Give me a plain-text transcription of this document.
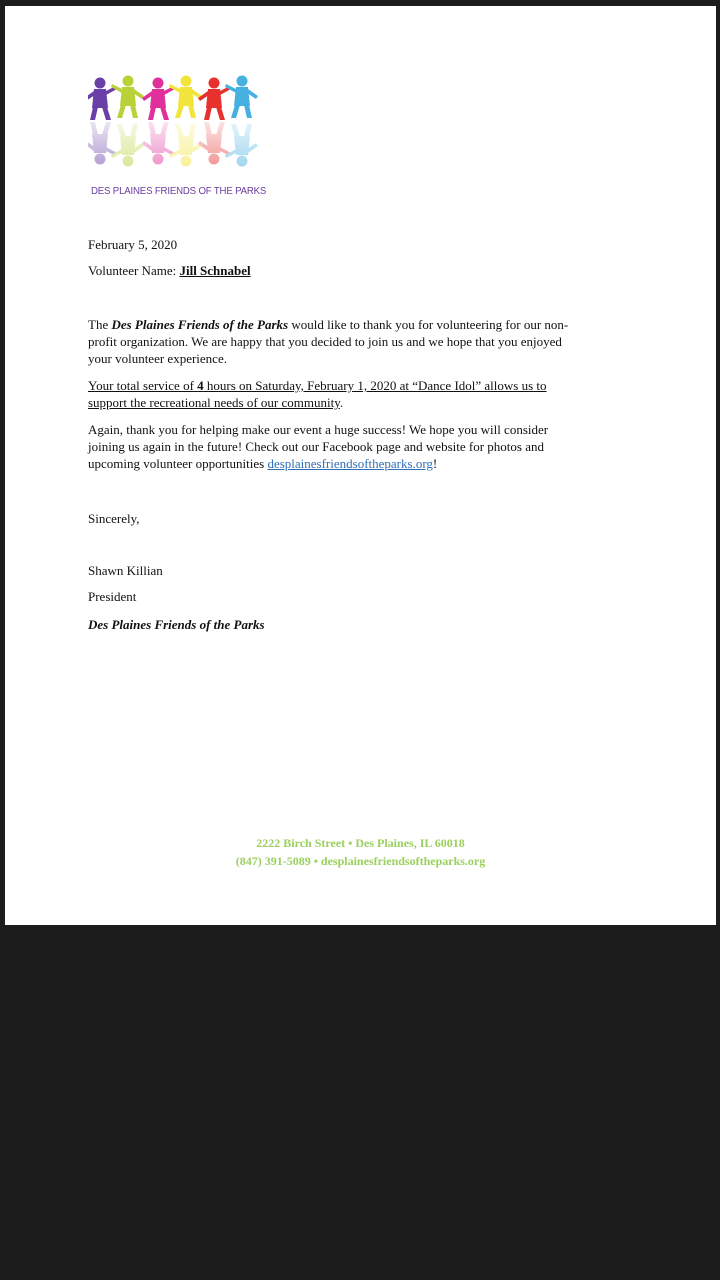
DES PLAINES FRIENDS OF THE PARKS
February 5, 2020
Volunteer Name: Jill Schnabel
The Des Plaines Friends of the Parks would like to thank you for volunteering for our non-
profit organization. We are happy that you decided to join us and we hope that you enjoyed
your volunteer experience.
Your total service of 4 hours on Saturday, February 1, 2020 at “Dance Idol” allows us to
support the recreational needs of our community.
Again, thank you for helping make our event a huge success! We hope you will consider
joining us again in the future! Check out our Facebook page and website for photos and
upcoming volunteer opportunities desplainesfriendsoftheparks.org!
Sincerely,
Shawn Killian
President
Des Plaines Friends of the Parks
2222 Birch Street • Des Plaines, IL 60018
(847) 391-5089 • desplainesfriendsoftheparks.org
